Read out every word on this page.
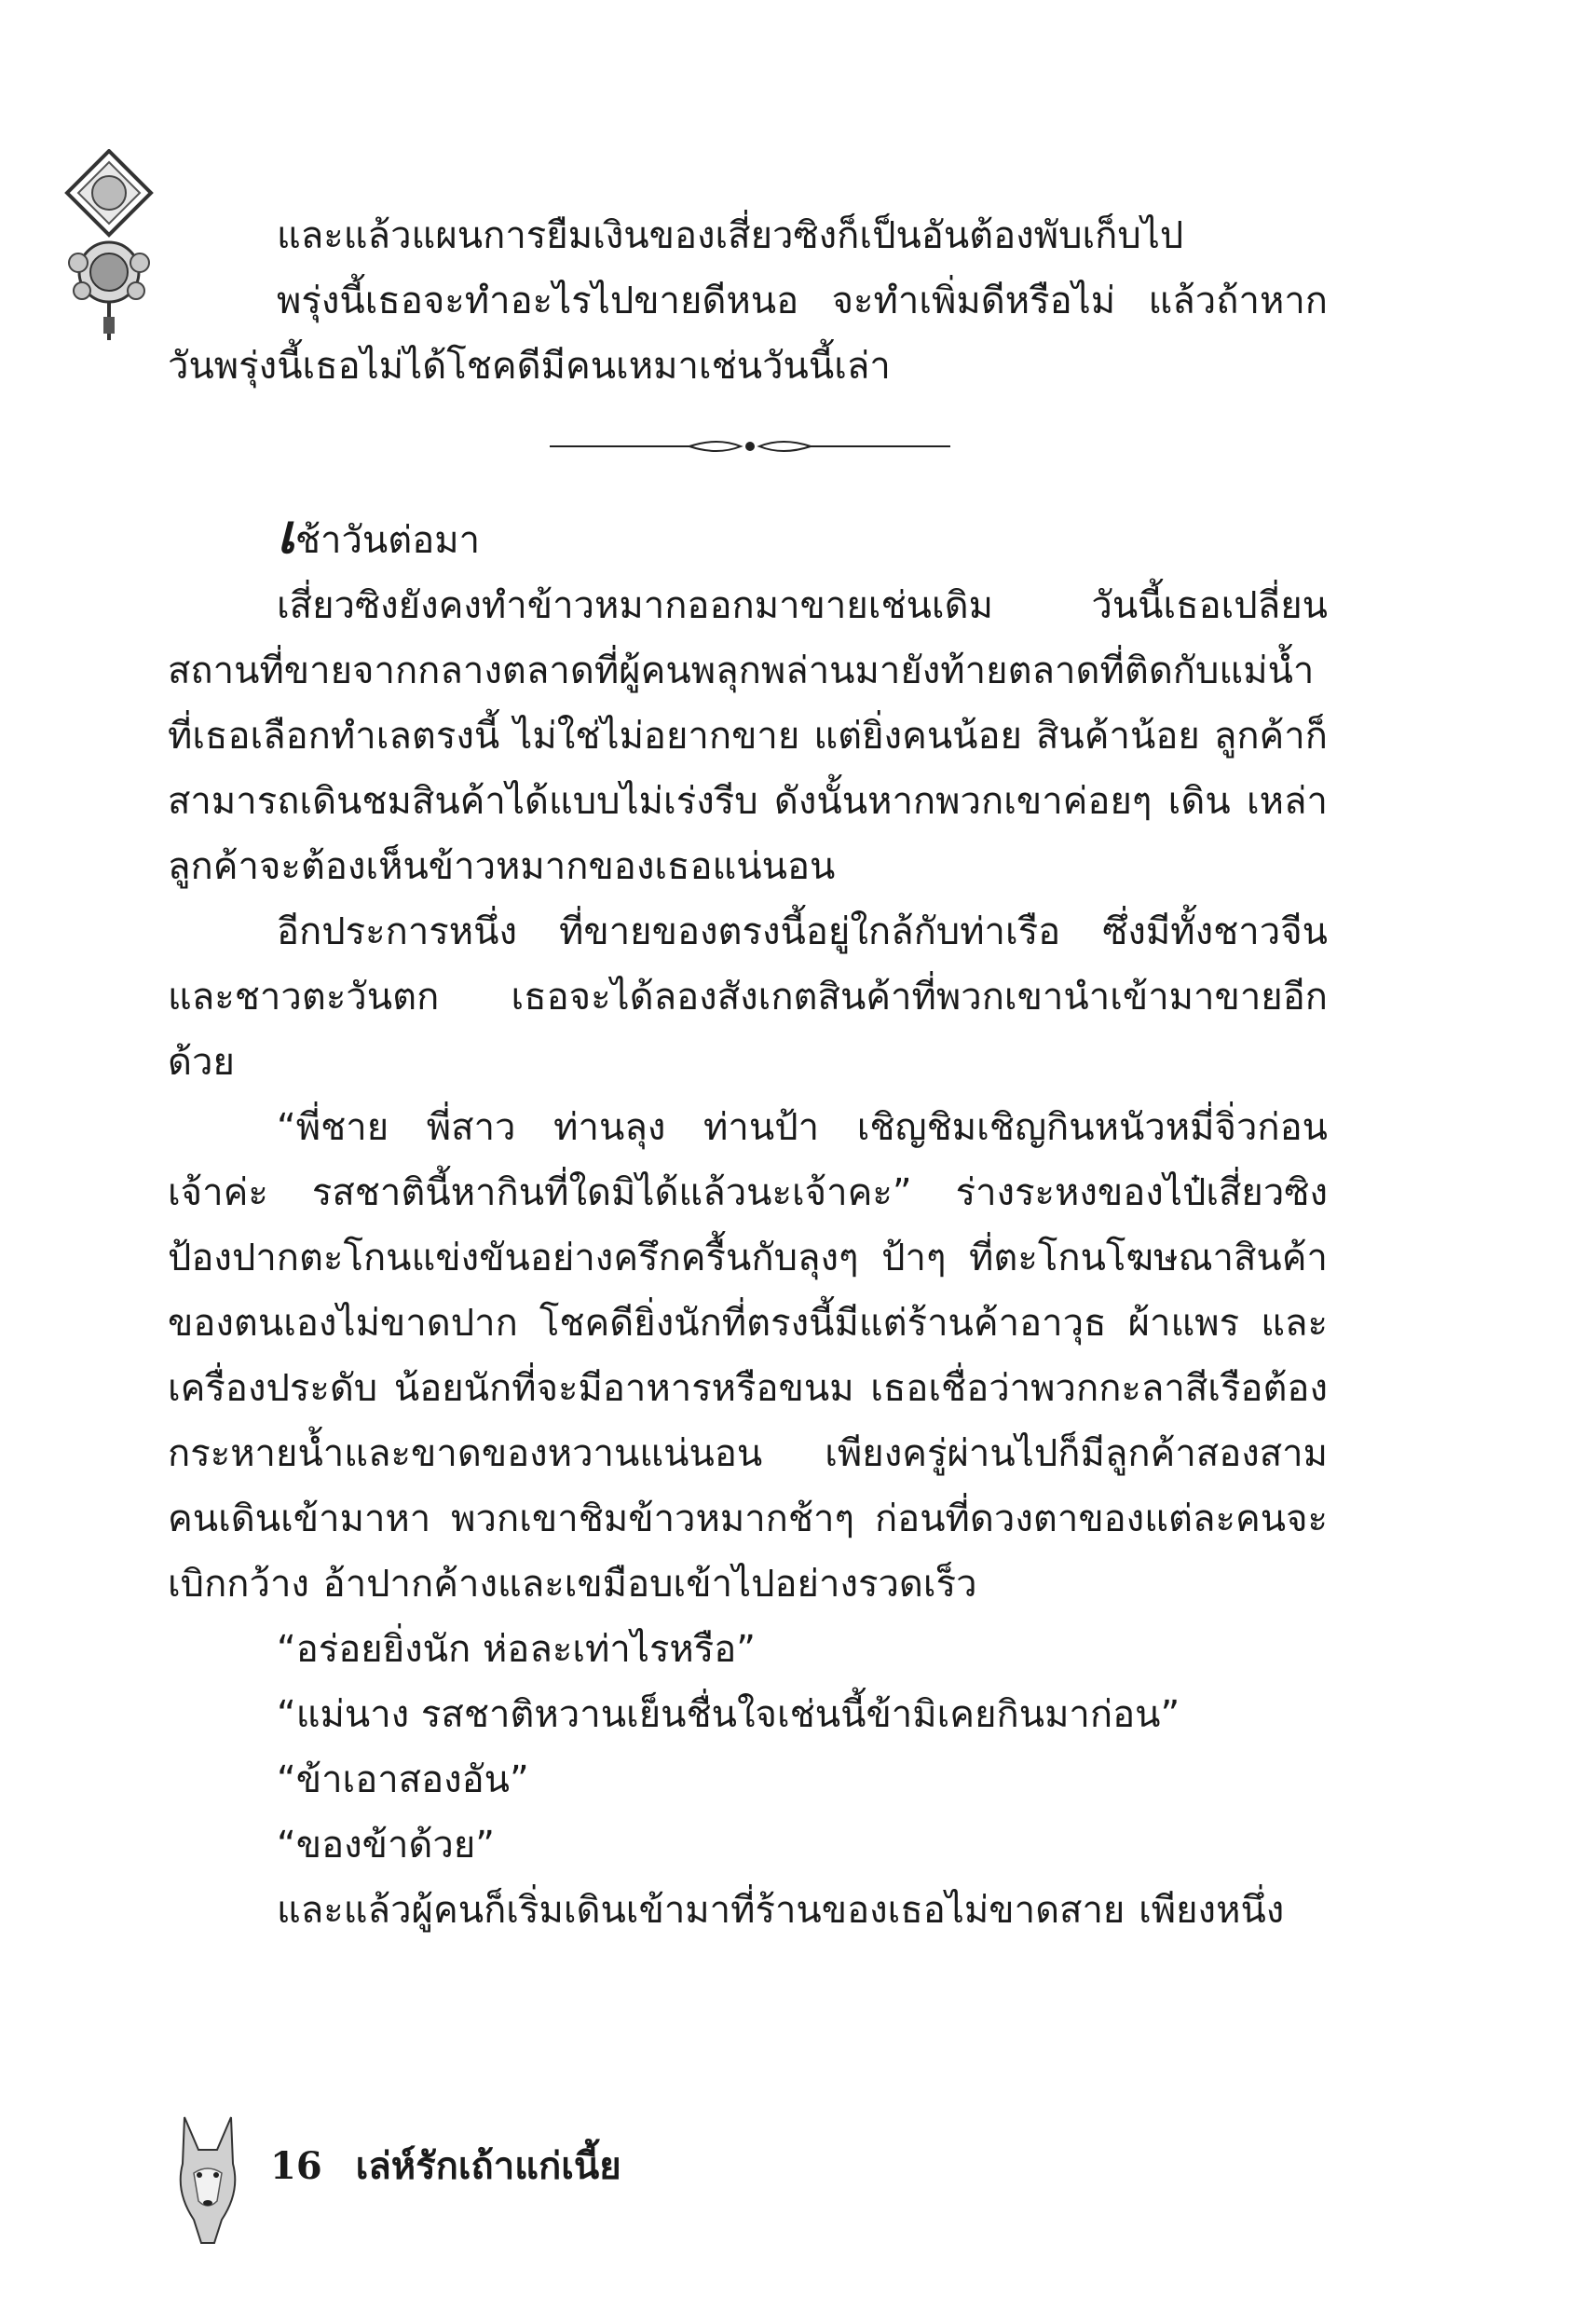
และแล้วแผนการยืมเงินของเสี่ยวซิงก็เป็นอันต้องพับเก็บไป

พรุ่งนี้เธอจะทำอะไรไปขายดีหนอ จะทำเพิ่มดีหรือไม่ แล้วถ้าหากวันพรุ่งนี้เธอไม่ได้โชคดีมีคนเหมาเช่นวันนี้เล่า

เช้าวันต่อมา

เสี่ยวซิงยังคงทำข้าวหมากออกมาขายเช่นเดิม วันนี้เธอเปลี่ยนสถานที่ขายจากกลางตลาดที่ผู้คนพลุกพล่านมายังท้ายตลาดที่ติดกับแม่น้ำ ที่เธอเลือกทำเลตรงนี้ ไม่ใช่ไม่อยากขาย แต่ยิ่งคนน้อย สินค้าน้อย ลูกค้าก็สามารถเดินชมสินค้าได้แบบไม่เร่งรีบ ดังนั้นหากพวกเขาค่อยๆ เดิน เหล่าลูกค้าจะต้องเห็นข้าวหมากของเธอแน่นอน

อีกประการหนึ่ง ที่ขายของตรงนี้อยู่ใกล้กับท่าเรือ ซึ่งมีทั้งชาวจีนและชาวตะวันตก เธอจะได้ลองสังเกตสินค้าที่พวกเขานำเข้ามาขายอีกด้วย

“พี่ชาย พี่สาว ท่านลุง ท่านป้า เชิญชิมเชิญกินหนัวหมี่จิ่วก่อนเจ้าค่ะ รสชาตินี้หากินที่ใดมิได้แล้วนะเจ้าคะ” ร่างระหงของไป๋เสี่ยวซิงป้องปากตะโกนแข่งขันอย่างครึกครื้นกับลุงๆ ป้าๆ ที่ตะโกนโฆษณาสินค้าของตนเองไม่ขาดปาก โชคดียิ่งนักที่ตรงนี้มีแต่ร้านค้าอาวุธ ผ้าแพร และเครื่องประดับ น้อยนักที่จะมีอาหารหรือขนม เธอเชื่อว่าพวกกะลาสีเรือต้องกระหายน้ำและขาดของหวานแน่นอน เพียงครู่ผ่านไปก็มีลูกค้าสองสามคนเดินเข้ามาหา พวกเขาชิมข้าวหมากช้าๆ ก่อนที่ดวงตาของแต่ละคนจะเบิกกว้าง อ้าปากค้างและเขมือบเข้าไปอย่างรวดเร็ว

“อร่อยยิ่งนัก ห่อละเท่าไรหรือ”

“แม่นาง รสชาติหวานเย็นชื่นใจเช่นนี้ข้ามิเคยกินมาก่อน”

“ข้าเอาสองอัน”

“ของข้าด้วย”

และแล้วผู้คนก็เริ่มเดินเข้ามาที่ร้านของเธอไม่ขาดสาย เพียงหนึ่ง

16 เล่ห์รักเถ้าแก่เนี้ย
